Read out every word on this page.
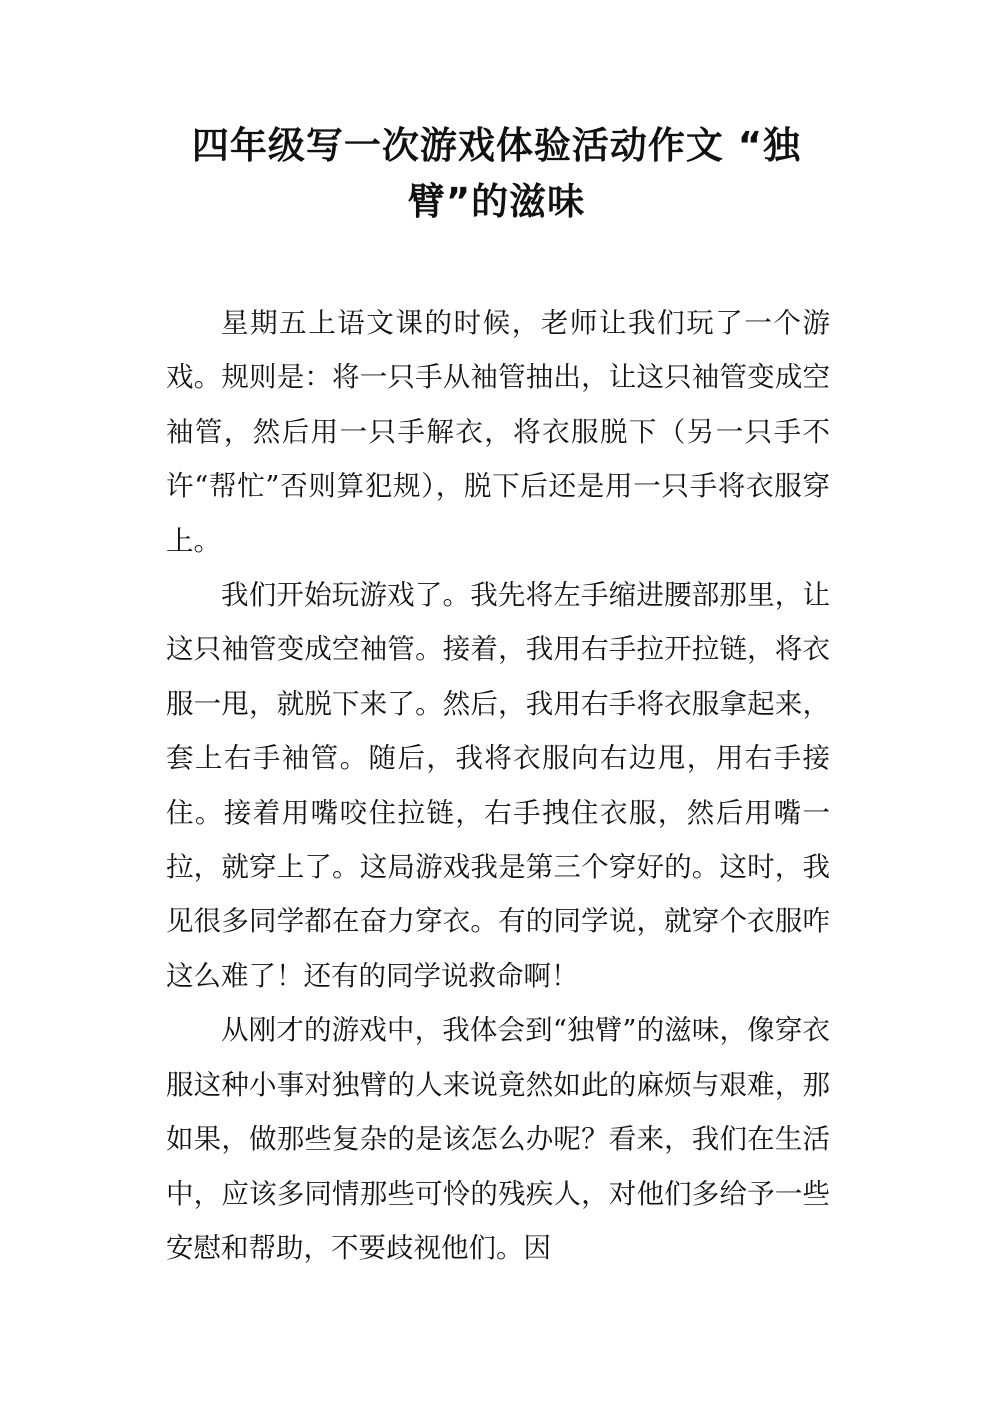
四年级写一次游戏体验活动作文 “独臂”的滋味

星期五上语文课的时候，老师让我们玩了一个游戏。规则是：将一只手从袖管抽出，让这只袖管变成空袖管，然后用一只手解衣，将衣服脱下（另一只手不许“帮忙”否则算犯规），脱下后还是用一只手将衣服穿上。

我们开始玩游戏了。我先将左手缩进腰部那里，让这只袖管变成空袖管。接着，我用右手拉开拉链，将衣服一甩，就脱下来了。然后，我用右手将衣服拿起来，套上右手袖管。随后，我将衣服向右边甩，用右手接住。接着用嘴咬住拉链，右手拽住衣服，然后用嘴一拉，就穿上了。这局游戏我是第三个穿好的。这时，我见很多同学都在奋力穿衣。有的同学说，就穿个衣服咋这么难了！还有的同学说救命啊！

从刚才的游戏中，我体会到“独臂”的滋味，像穿衣服这种小事对独臂的人来说竟然如此的麻烦与艰难，那如果，做那些复杂的是该怎么办呢？看来，我们在生活中，应该多同情那些可怜的残疾人，对他们多给予一些安慰和帮助，不要歧视他们。因
